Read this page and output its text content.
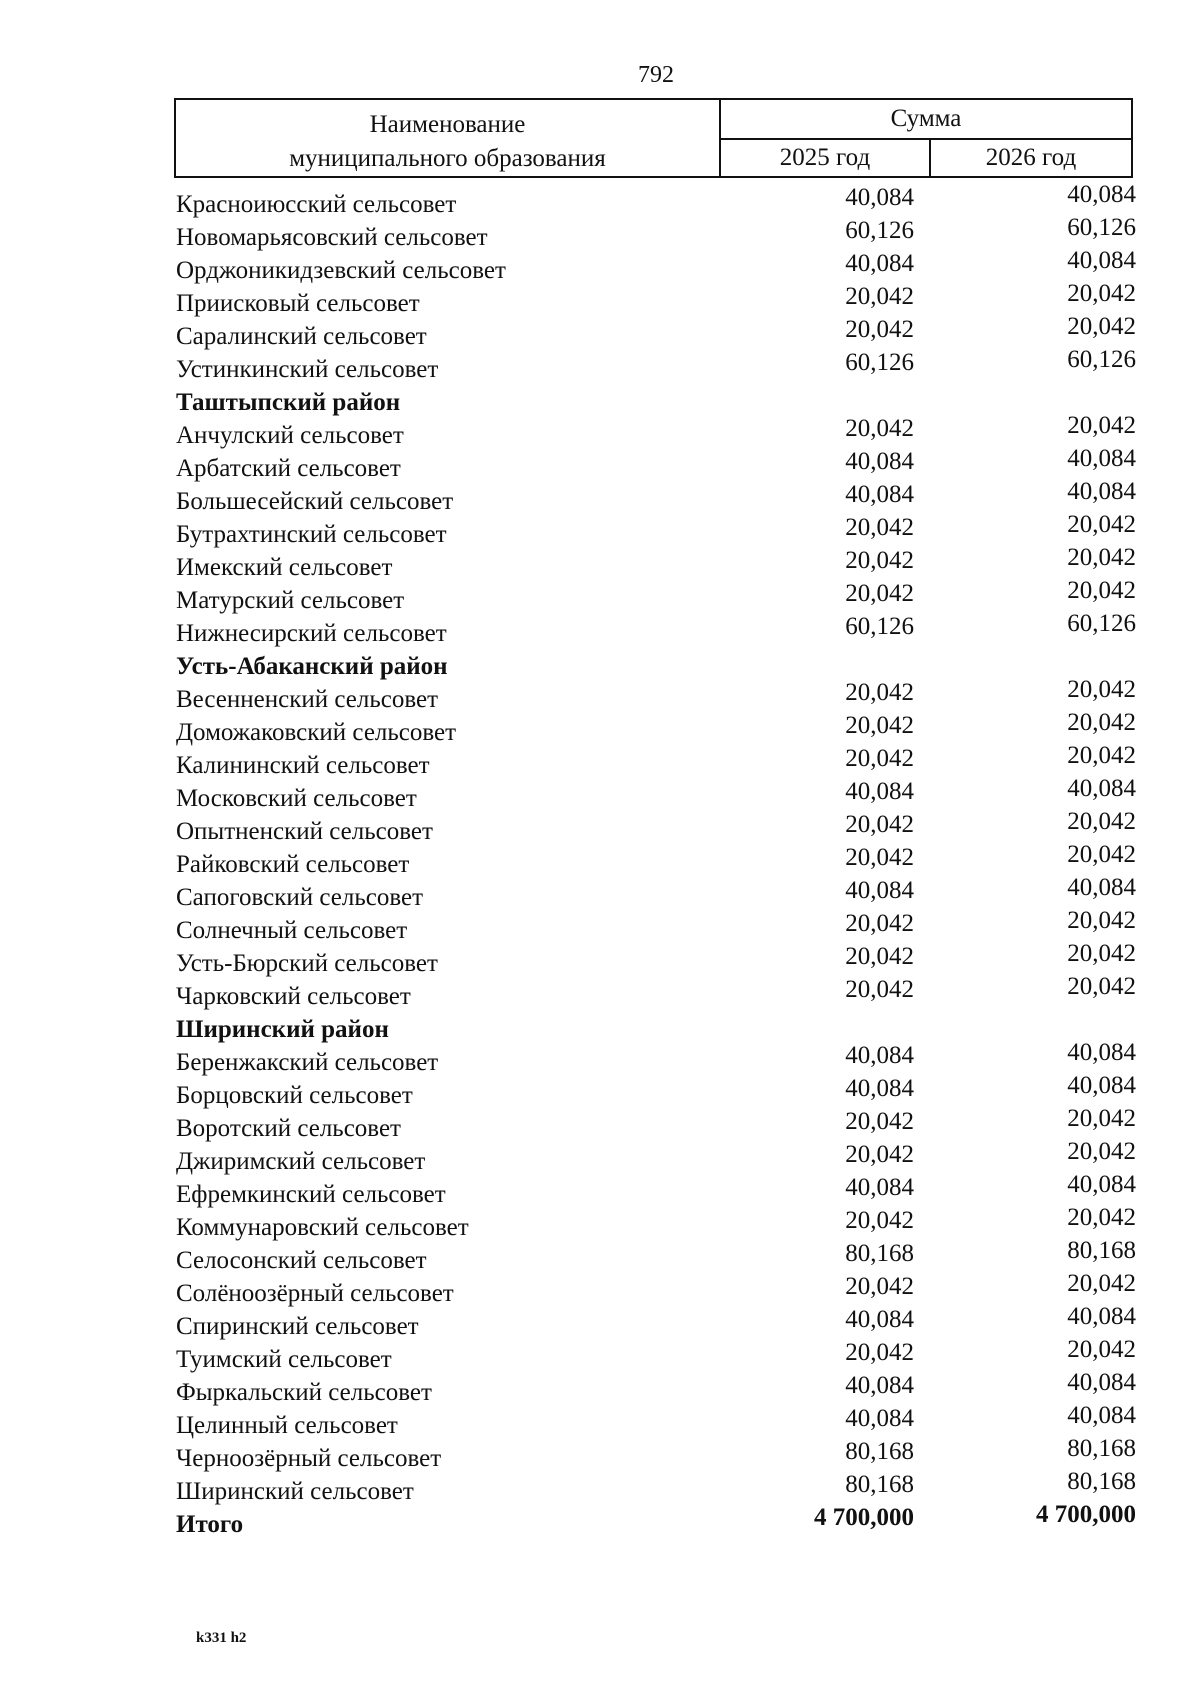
792
Наименование
муниципального образования
Сумма
2025 год	2026 год
Красноиюсский сельсовет	40,084	40,084
Новомарьясовский сельсовет	60,126	60,126
Орджоникидзевский сельсовет	40,084	40,084
Приисковый сельсовет	20,042	20,042
Саралинский сельсовет	20,042	20,042
Устинкинский сельсовет	60,126	60,126
Таштыпский район
Анчулский сельсовет	20,042	20,042
Арбатский сельсовет	40,084	40,084
Большесейский сельсовет	40,084	40,084
Бутрахтинский сельсовет	20,042	20,042
Имекский сельсовет	20,042	20,042
Матурский сельсовет	20,042	20,042
Нижнесирский сельсовет	60,126	60,126
Усть-Абаканский район
Весенненский сельсовет	20,042	20,042
Доможаковский сельсовет	20,042	20,042
Калининский сельсовет	20,042	20,042
Московский сельсовет	40,084	40,084
Опытненский сельсовет	20,042	20,042
Райковский сельсовет	20,042	20,042
Сапоговский сельсовет	40,084	40,084
Солнечный сельсовет	20,042	20,042
Усть-Бюрский сельсовет	20,042	20,042
Чарковский сельсовет	20,042	20,042
Ширинский район
Беренжакский сельсовет	40,084	40,084
Борцовский сельсовет	40,084	40,084
Воротский сельсовет	20,042	20,042
Джиримский сельсовет	20,042	20,042
Ефремкинский сельсовет	40,084	40,084
Коммунаровский сельсовет	20,042	20,042
Селосонский сельсовет	80,168	80,168
Солёноозёрный сельсовет	20,042	20,042
Спиринский сельсовет	40,084	40,084
Туимский сельсовет	20,042	20,042
Фыркальский сельсовет	40,084	40,084
Целинный сельсовет	40,084	40,084
Черноозёрный сельсовет	80,168	80,168
Ширинский сельсовет	80,168	80,168
Итого	4 700,000	4 700,000
k331 h2
